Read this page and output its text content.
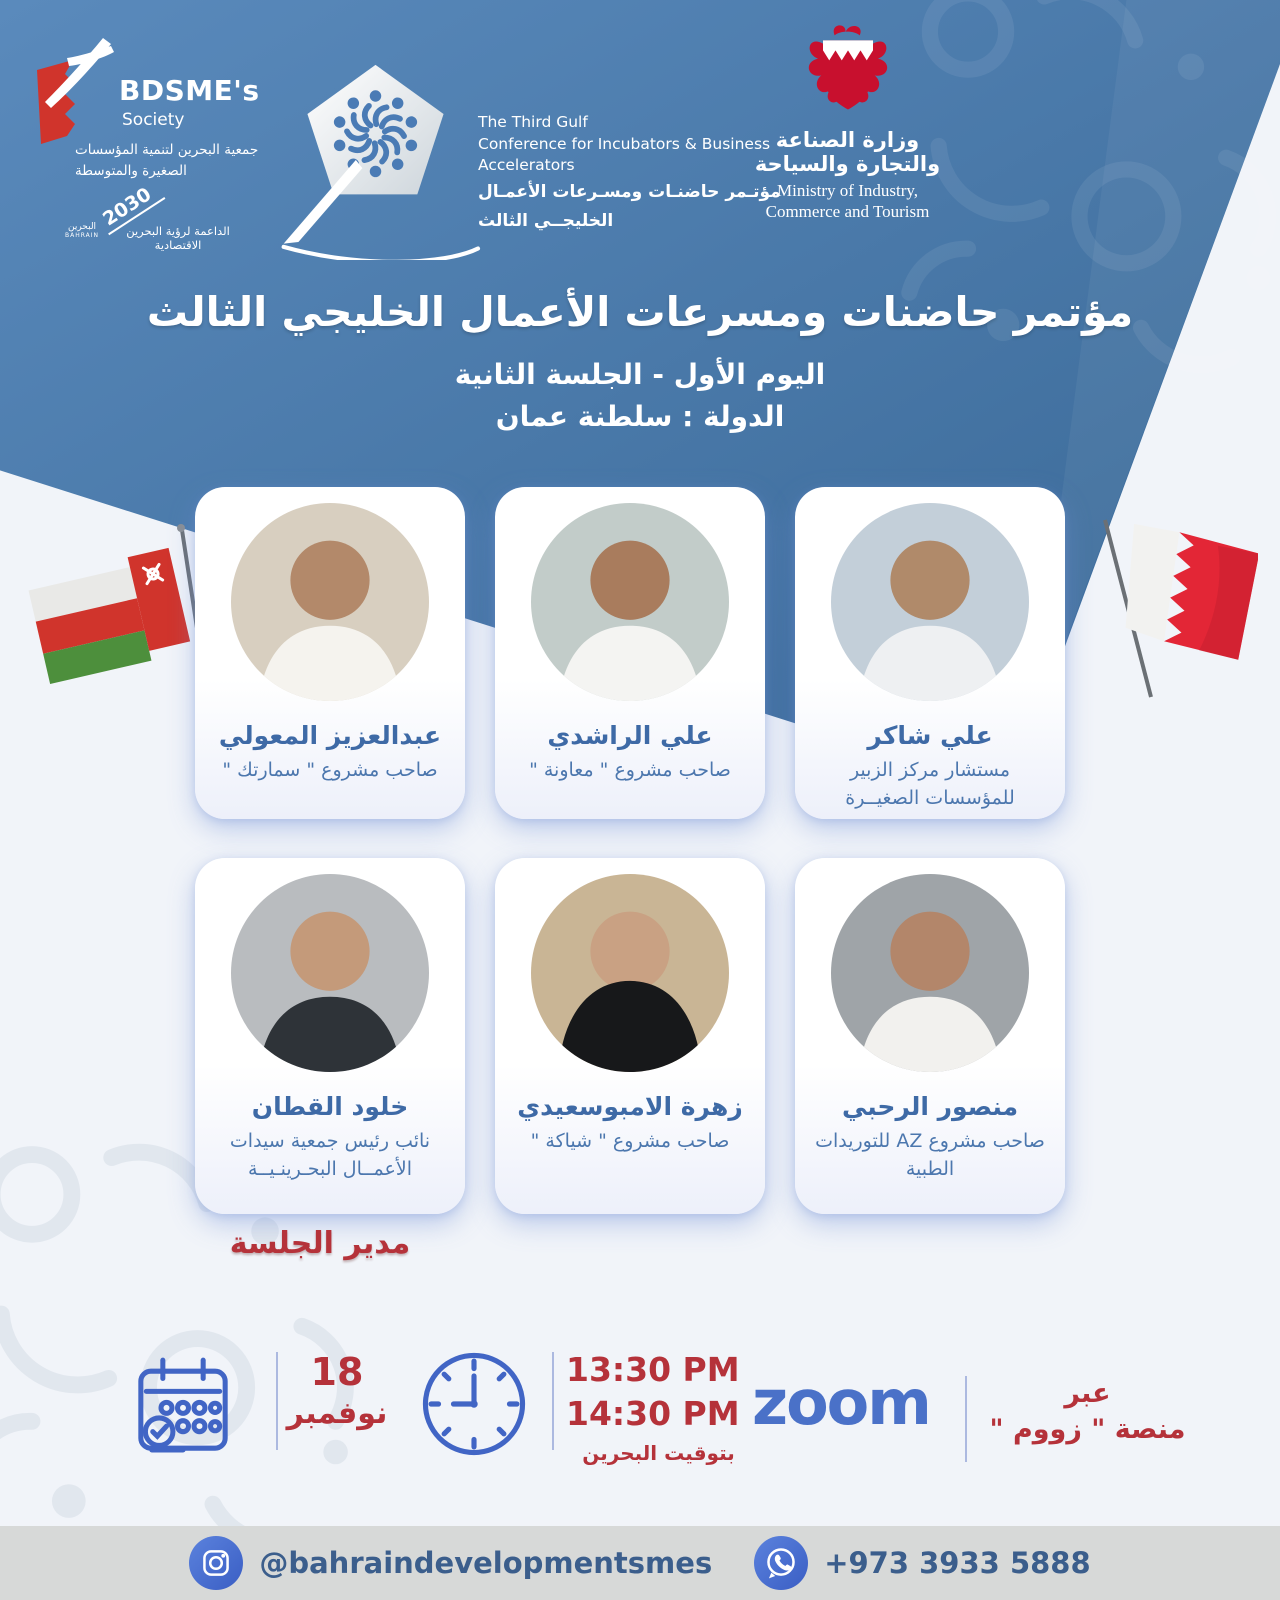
BDSME's
Society
جمعية البحرين لتنمية المؤسسات
الصغيرة والمتوسطة
2030
البحرين
BAHRAIN	الداعمة لرؤية البحرين الاقتصادية
The Third Gulf
Conference for Incubators & Business
Accelerators
مؤتـمر حاضنـات ومسـرعات الأعمـال
الخليجــي الثالث
وزارة الصناعة والتجارة والسياحة
Ministry of Industry,
Commerce and Tourism
مؤتمر حاضنات ومسرعات الأعمال الخليجي الثالث
اليوم الأول - الجلسة الثانية
الدولة : سلطنة عمان
عبدالعزيز المعولي
صاحب مشروع " سمارتك "
علي الراشدي
صاحب مشروع " معاونة "
علي شاكر
مستشار مركز الزبير للمؤسسات الصغيــرة
خلود القطان
نائب رئيس جمعية سيدات الأعمــال البحـرينـيــة
زهرة الامبوسعيدي
صاحب مشروع " شياكة "
منصور الرحبي
صاحب مشروع AZ للتوريدات الطبية
مدير الجلسة
18
نوفمبر
13:30 PM
14:30 PM
بتوقيت البحرين
zoom	عبر
منصة " زووم "
@bahraindevelopmentsmes	+973 3933 5888
